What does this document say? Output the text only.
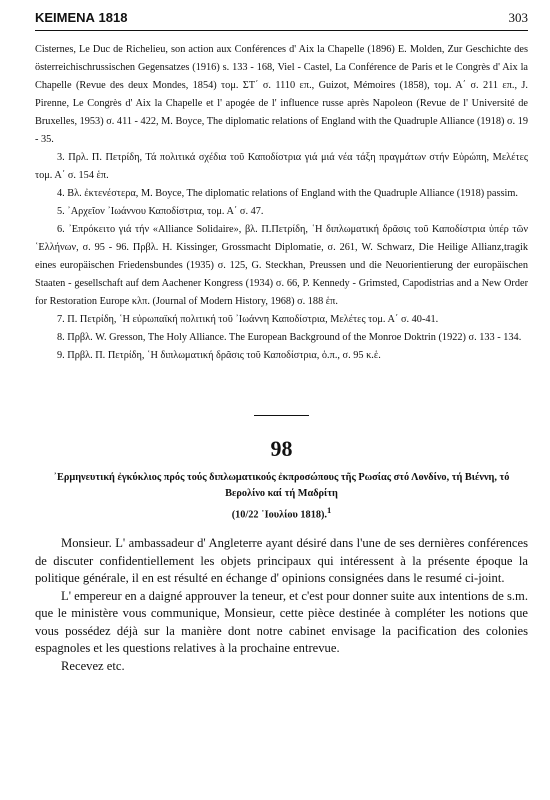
ΚΕΙΜΕΝΑ 1818	303

Cisternes, Le Duc de Richelieu, son action aux Conférences d' Aix la Chapelle (1896) E. Molden, Zur Geschichte des österreichischrussischen Gegensatzes (1916) s. 133 - 168, Viel - Castel, La Conférence de Paris et le Congrès d' Aix la Chapelle (Revue des deux Mondes, 1854) τομ. ΣΤ΄ σ. 1110 επ., Guizot, Mémoires (1858), τομ. Α΄ σ. 211 επ., J. Pirenne, Le Congrès d' Aix la Chapelle et l' apogée de l' influence russe après Napoleon (Revue de l' Université de Bruxelles, 1953) σ. 411 - 422, M. Boyce, The diplomatic relations of England with the Quadruple Alliance (1918) σ. 19 - 35.

3. Πρλ. Π. Πετρίδη, Τά πολιτικά σχέδια τοῦ Καποδίστρια γιά μιά νέα τάξη πραγμάτων στήν Εὐρώπη, Μελέτες τομ. Α΄ σ. 154 ἑπ.

4. Βλ. ἐκτενέστερα, M. Boyce, The diplomatic relations of England with the Quadruple Alliance (1918) passim.

5. ᾿Αρχεῖον ᾿Ιωάννου Καποδίστρια, τομ. Α΄ σ. 47.

6. ᾿Επρόκειτο γιά τήν «Alliance Solidaire», βλ. Π.Πετρίδη, ῾Η διπλωματική δρᾶσις τοῦ Καποδίστρια ὑπέρ τῶν ῾Ελλήνων, σ. 95 - 96. Πρβλ. H. Kissinger, Grossmacht Diplomatie, σ. 261, W. Schwarz, Die Heilige Allianz,tragik eines europäischen Friedensbundes (1935) σ. 125, G. Steckhan, Preussen und die Neuorientierung der europäischen Staaten - gesellschaft auf dem Aachener Kongress (1934) σ. 66, P. Kennedy - Grimsted, Capodistrias and a New Order for Restoration Europe κλπ. (Journal of Modern History, 1968) σ. 188 ἑπ.

7. Π. Πετρίδη, ῾Η εὐρωπαϊκή πολιτική τοῦ ᾿Ιωάννη Καποδίστρια, Μελέτες τομ. Α΄ σ. 40-41.

8. Πρβλ. W. Gresson, The Holy Alliance. The European Background of the Monroe Doktrin (1922) σ. 133 - 134.

9. Πρβλ. Π. Πετρίδη, ῾Η διπλωματική δρᾶσις τοῦ Καποδίστρια, ὁ.π., σ. 95 κ.ἑ.

98
᾿Ερμηνευτική ἐγκύκλιος πρός τούς διπλωματικούς ἐκπροσώπους τῆς Ρωσίας στό Λονδίνο, τή Βιέννη, τό Βερολίνο καί τή Μαδρίτη
(10/22 ᾿Ιουλίου 1818).$^1$

Monsieur. L' ambassadeur d' Angleterre ayant désiré dans l'une de ses dernières conférences de discuter confidentiellement les objets principaux qui intéressent à la présente époque la politique générale, il en est résulté en échange d' opinions consignées dans le resumé ci-joint.

L' empereur en a daigné approuver la teneur, et c'est pour donner suite aux intentions de s.m. que le ministère vous communique, Monsieur, cette pièce destinée à compléter les notions que vous possédez déjà sur la manière dont notre cabinet envisage la pacification des colonies espagnoles et les questions relatives à la prochaine entrevue.

Recevez etc.
